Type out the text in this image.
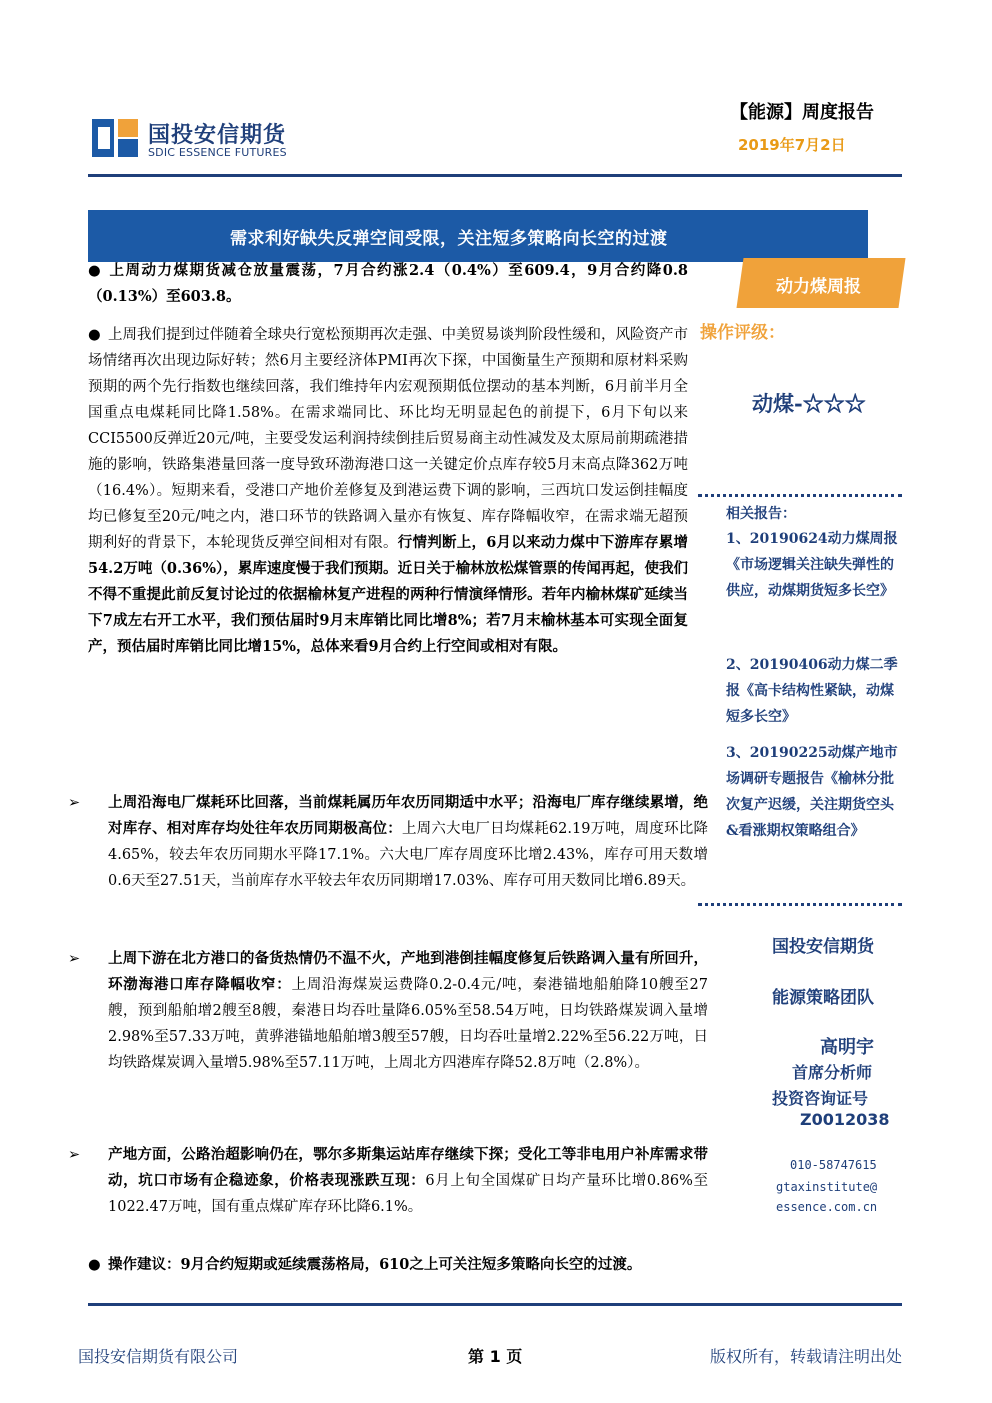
国投安信期货
SDIC ESSENCE FUTURES
【能源】周度报告
2019年7月2日
需求利好缺失反弹空间受限，关注短多策略向长空的过渡
动力煤周报
操作评级：
动煤-☆☆☆
相关报告：
1、20190624动力煤周报《市场逻辑关注缺失弹性的供应，动煤期货短多长空》
2、20190406动力煤二季报《高卡结构性紧缺，动煤短多长空》
3、20190225动煤产地市场调研专题报告《榆林分批次复产迟缓，关注期货空头&看涨期权策略组合》
国投安信期货
能源策略团队
高明宇
首席分析师
投资咨询证号
Z0012038
010-58747615
gtaxinstitute@
essence.com.cn

● 上周动力煤期货减仓放量震荡，7月合约涨2.4（0.4%）至609.4，9月合约降0.8（0.13%）至603.8。

● 上周我们提到过伴随着全球央行宽松预期再次走强、中美贸易谈判阶段性缓和，风险资产市场情绪再次出现边际好转；然6月主要经济体PMI再次下探，中国衡量生产预期和原材料采购预期的两个先行指数也继续回落，我们维持年内宏观预期低位摆动的基本判断，6月前半月全国重点电煤耗同比降1.58%。在需求端同比、环比均无明显起色的前提下，6月下旬以来CCI5500反弹近20元/吨，主要受发运利润持续倒挂后贸易商主动性减发及太原局前期疏港措施的影响，铁路集港量回落一度导致环渤海港口这一关键定价点库存较5月末高点降362万吨（16.4%）。短期来看，受港口产地价差修复及到港运费下调的影响，三西坑口发运倒挂幅度均已修复至20元/吨之内，港口环节的铁路调入量亦有恢复、库存降幅收窄，在需求端无超预期利好的背景下，本轮现货反弹空间相对有限。行情判断上，6月以来动力煤中下游库存累增54.2万吨（0.36%），累库速度慢于我们预期。近日关于榆林放松煤管票的传闻再起，使我们不得不重提此前反复讨论过的依据榆林复产进程的两种行情演绎情形。若年内榆林煤矿延续当下7成左右开工水平，我们预估届时9月末库销比同比增8%；若7月末榆林基本可实现全面复产，预估届时库销比同比增15%，总体来看9月合约上行空间或相对有限。

➢ 上周沿海电厂煤耗环比回落，当前煤耗属历年农历同期适中水平；沿海电厂库存继续累增，绝对库存、相对库存均处往年农历同期极高位：上周六大电厂日均煤耗62.19万吨，周度环比降4.65%，较去年农历同期水平降17.1%。六大电厂库存周度环比增2.43%，库存可用天数增0.6天至27.51天，当前库存水平较去年农历同期增17.03%、库存可用天数同比增6.89天。

➢ 上周下游在北方港口的备货热情仍不温不火，产地到港倒挂幅度修复后铁路调入量有所回升，环渤海港口库存降幅收窄：上周沿海煤炭运费降0.2-0.4元/吨，秦港锚地船舶降10艘至27艘，预到船舶增2艘至8艘，秦港日均吞吐量降6.05%至58.54万吨，日均铁路煤炭调入量增2.98%至57.33万吨，黄骅港锚地船舶增3艘至57艘，日均吞吐量增2.22%至56.22万吨，日均铁路煤炭调入量增5.98%至57.11万吨，上周北方四港库存降52.8万吨（2.8%）。

➢ 产地方面，公路治超影响仍在，鄂尔多斯集运站库存继续下探；受化工等非电用户补库需求带动，坑口市场有企稳迹象，价格表现涨跌互现：6月上旬全国煤矿日均产量环比增0.86%至1022.47万吨，国有重点煤矿库存环比降6.1%。

● 操作建议：9月合约短期或延续震荡格局，610之上可关注短多策略向长空的过渡。

国投安信期货有限公司	第 1 页	版权所有，转载请注明出处
